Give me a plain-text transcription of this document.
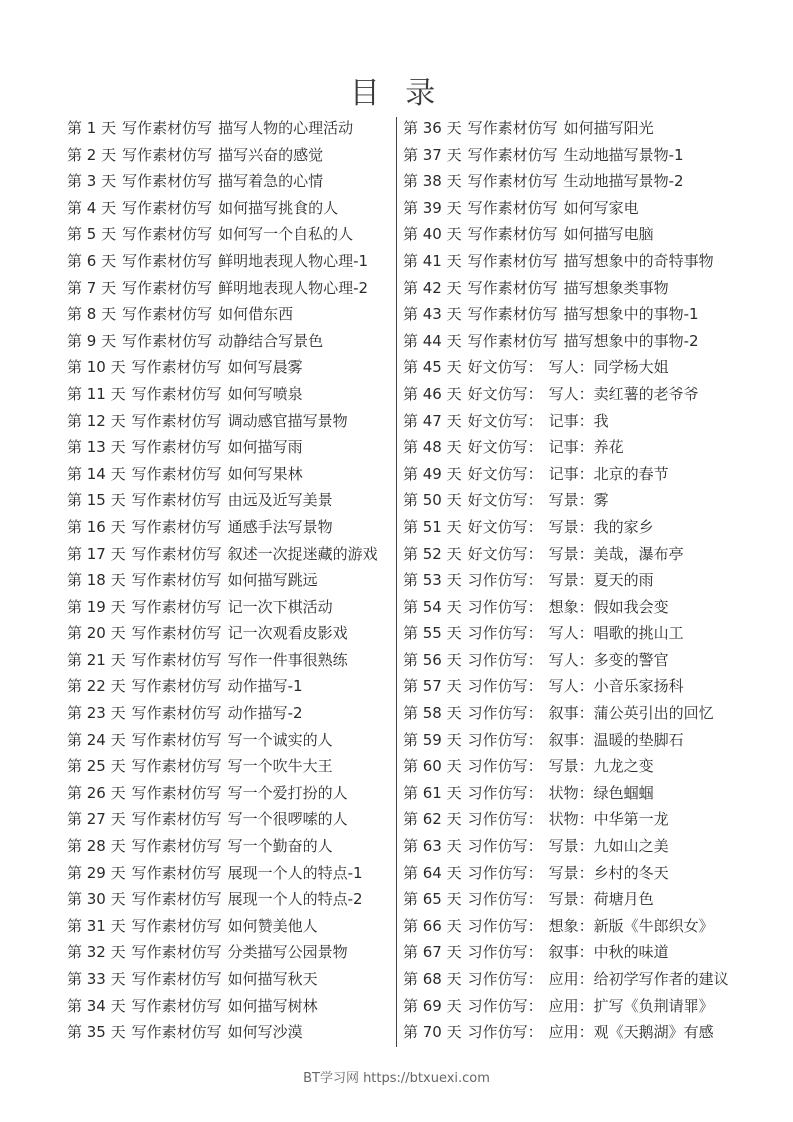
目 录
第 1 天 写作素材仿写 描写人物的心理活动
第 2 天 写作素材仿写 描写兴奋的感觉
第 3 天 写作素材仿写 描写着急的心情
第 4 天 写作素材仿写 如何描写挑食的人
第 5 天 写作素材仿写 如何写一个自私的人
第 6 天 写作素材仿写 鲜明地表现人物心理-1
第 7 天 写作素材仿写 鲜明地表现人物心理-2
第 8 天 写作素材仿写 如何借东西
第 9 天 写作素材仿写 动静结合写景色
第 10 天 写作素材仿写 如何写晨雾
第 11 天 写作素材仿写 如何写喷泉
第 12 天 写作素材仿写 调动感官描写景物
第 13 天 写作素材仿写 如何描写雨
第 14 天 写作素材仿写 如何写果林
第 15 天 写作素材仿写 由远及近写美景
第 16 天 写作素材仿写 通感手法写景物
第 17 天 写作素材仿写 叙述一次捉迷藏的游戏
第 18 天 写作素材仿写 如何描写跳远
第 19 天 写作素材仿写 记一次下棋活动
第 20 天 写作素材仿写 记一次观看皮影戏
第 21 天 写作素材仿写 写作一件事很熟练
第 22 天 写作素材仿写 动作描写-1
第 23 天 写作素材仿写 动作描写-2
第 24 天 写作素材仿写 写一个诚实的人
第 25 天 写作素材仿写 写一个吹牛大王
第 26 天 写作素材仿写 写一个爱打扮的人
第 27 天 写作素材仿写 写一个很啰嗦的人
第 28 天 写作素材仿写 写一个勤奋的人
第 29 天 写作素材仿写 展现一个人的特点-1
第 30 天 写作素材仿写 展现一个人的特点-2
第 31 天 写作素材仿写 如何赞美他人
第 32 天 写作素材仿写 分类描写公园景物
第 33 天 写作素材仿写 如何描写秋天
第 34 天 写作素材仿写 如何描写树林
第 35 天 写作素材仿写 如何写沙漠
第 36 天 写作素材仿写 如何描写阳光
第 37 天 写作素材仿写 生动地描写景物-1
第 38 天 写作素材仿写 生动地描写景物-2
第 39 天 写作素材仿写 如何写家电
第 40 天 写作素材仿写 如何描写电脑
第 41 天 写作素材仿写 描写想象中的奇特事物
第 42 天 写作素材仿写 描写想象类事物
第 43 天 写作素材仿写 描写想象中的事物-1
第 44 天 写作素材仿写 描写想象中的事物-2
第 45 天 好文仿写： 写人：同学杨大姐
第 46 天 好文仿写： 写人：卖红薯的老爷爷
第 47 天 好文仿写： 记事：我
第 48 天 好文仿写： 记事：养花
第 49 天 好文仿写： 记事：北京的春节
第 50 天 好文仿写： 写景：雾
第 51 天 好文仿写： 写景：我的家乡
第 52 天 好文仿写： 写景：美哉，瀑布亭
第 53 天 习作仿写： 写景：夏天的雨
第 54 天 习作仿写： 想象：假如我会变
第 55 天 习作仿写： 写人：唱歌的挑山工
第 56 天 习作仿写： 写人：多变的警官
第 57 天 习作仿写： 写人：小音乐家扬科
第 58 天 习作仿写： 叙事：蒲公英引出的回忆
第 59 天 习作仿写： 叙事：温暖的垫脚石
第 60 天 习作仿写： 写景：九龙之变
第 61 天 习作仿写： 状物：绿色蝈蝈
第 62 天 习作仿写： 状物：中华第一龙
第 63 天 习作仿写： 写景：九如山之美
第 64 天 习作仿写： 写景：乡村的冬天
第 65 天 习作仿写： 写景：荷塘月色
第 66 天 习作仿写： 想象：新版《牛郎织女》
第 67 天 习作仿写： 叙事：中秋的味道
第 68 天 习作仿写： 应用：给初学写作者的建议
第 69 天 习作仿写： 应用：扩写《负荆请罪》
第 70 天 习作仿写： 应用：观《天鹅湖》有感
BT学习网 https://btxuexi.com
